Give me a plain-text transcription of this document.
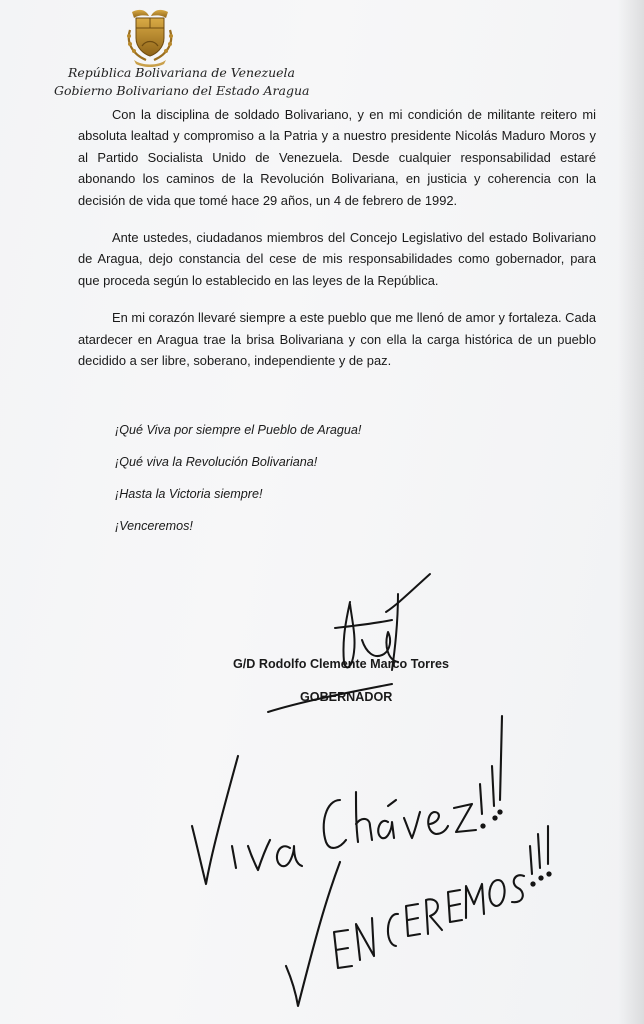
República Bolivariana de Venezuela
Gobierno Bolivariano del Estado Aragua

Con la disciplina de soldado Bolivariano, y en mi condición de militante reitero mi absoluta lealtad y compromiso a la Patria y a nuestro presidente Nicolás Maduro Moros y al Partido Socialista Unido de Venezuela. Desde cualquier responsabilidad estaré abonando los caminos de la Revolución Bolivariana, en justicia y coherencia con la decisión de vida que tomé hace 29 años, un 4 de febrero de 1992.

Ante ustedes, ciudadanos miembros del Concejo Legislativo del estado Bolivariano de Aragua, dejo constancia del cese de mis responsabilidades como gobernador, para que proceda según lo establecido en las leyes de la República.

En mi corazón llevaré siempre a este pueblo que me llenó de amor y fortaleza. Cada atardecer en Aragua trae la brisa Bolivariana y con ella la carga histórica de un pueblo decidido a ser libre, soberano, independiente y de paz.

¡Qué Viva por siempre el Pueblo de Aragua!
¡Qué viva la Revolución Bolivariana!
¡Hasta la Victoria siempre!
¡Venceremos!
G/D Rodolfo Clemente Marco Torres
GOBERNADOR
